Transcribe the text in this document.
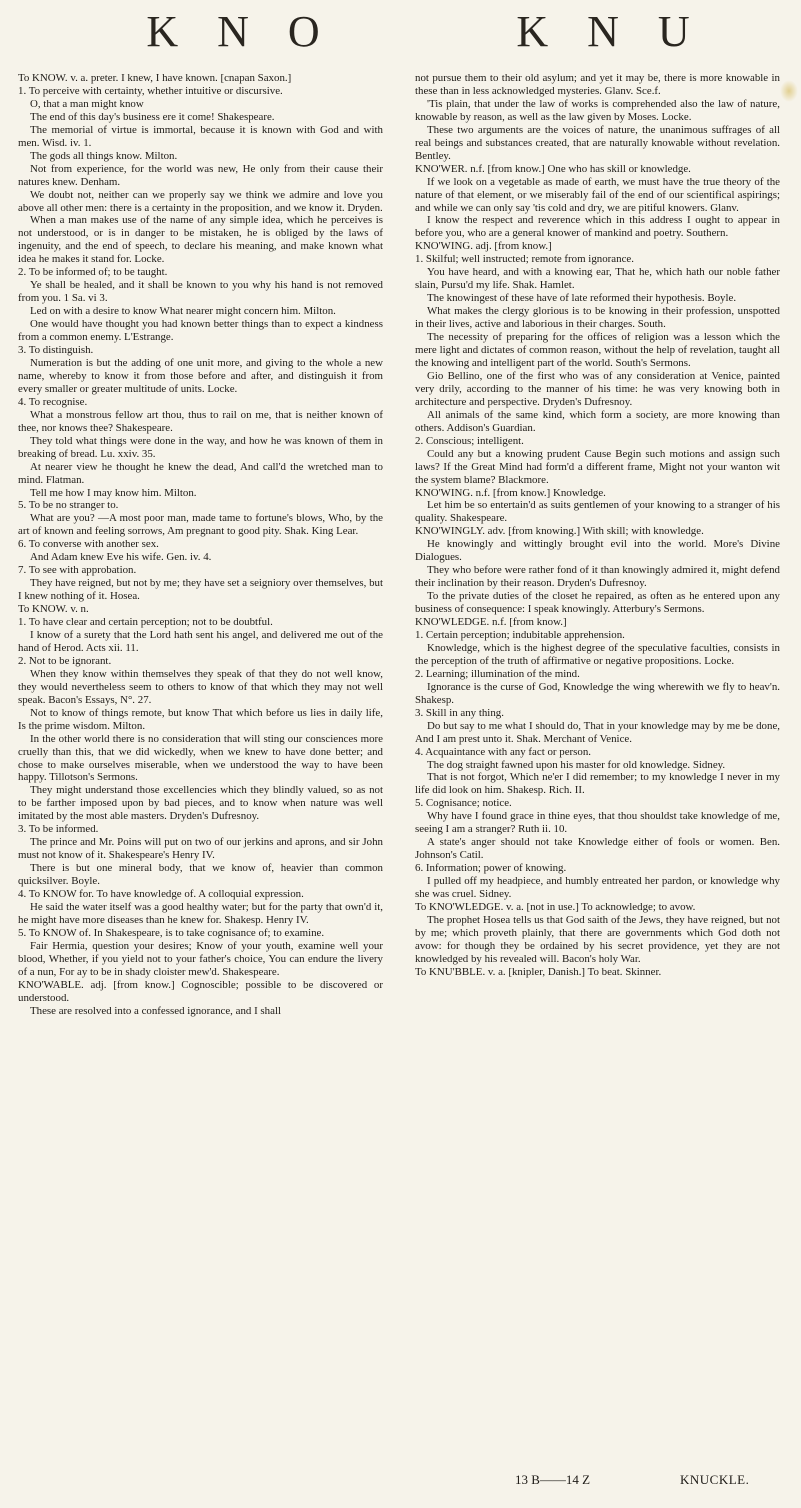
K N O	K N U

To KNOW. v. a. preter. I knew, I have known. [cnapan Saxon.]

1. To perceive with certainty, whether intuitive or discursive.

O, that a man might know

The end of this day's business ere it come! Shakespeare.

The memorial of virtue is immortal, because it is known with God and with men. Wisd. iv. 1.

The gods all things know. Milton.

Not from experience, for the world was new, He only from their cause their natures knew. Denham.

We doubt not, neither can we properly say we think we admire and love you above all other men: there is a certainty in the proposition, and we know it. Dryden.

When a man makes use of the name of any simple idea, which he perceives is not understood, or is in danger to be mistaken, he is obliged by the laws of ingenuity, and the end of speech, to declare his meaning, and make known what idea he makes it stand for. Locke.

2. To be informed of; to be taught.

Ye shall be healed, and it shall be known to you why his hand is not removed from you. 1 Sa. vi 3.

Led on with a desire to know What nearer might concern him. Milton.

One would have thought you had known better things than to expect a kindness from a common enemy. L'Estrange.

3. To distinguish.

Numeration is but the adding of one unit more, and giving to the whole a new name, whereby to know it from those before and after, and distinguish it from every smaller or greater multitude of units. Locke.

4. To recognise.

What a monstrous fellow art thou, thus to rail on me, that is neither known of thee, nor knows thee? Shakespeare.

They told what things were done in the way, and how he was known of them in breaking of bread. Lu. xxiv. 35.

At nearer view he thought he knew the dead, And call'd the wretched man to mind. Flatman.

Tell me how I may know him. Milton.

5. To be no stranger to.

What are you? —A most poor man, made tame to fortune's blows, Who, by the art of known and feeling sorrows, Am pregnant to good pity. Shak. King Lear.

6. To converse with another sex.

And Adam knew Eve his wife. Gen. iv. 4.

7. To see with approbation.

They have reigned, but not by me; they have set a seigniory over themselves, but I knew nothing of it. Hosea.

To KNOW. v. n.

1. To have clear and certain perception; not to be doubtful.

I know of a surety that the Lord hath sent his angel, and delivered me out of the hand of Herod. Acts xii. 11.

2. Not to be ignorant.

When they know within themselves they speak of that they do not well know, they would nevertheless seem to others to know of that which they may not well speak. Bacon's Essays, N°. 27.

Not to know of things remote, but know That which before us lies in daily life, Is the prime wisdom. Milton.

In the other world there is no consideration that will sting our consciences more cruelly than this, that we did wickedly, when we knew to have done better; and chose to make ourselves miserable, when we understood the way to have been happy. Tillotson's Sermons.

They might understand those excellencies which they blindly valued, so as not to be farther imposed upon by bad pieces, and to know when nature was well imitated by the most able masters. Dryden's Dufresnoy.

3. To be informed.

The prince and Mr. Poins will put on two of our jerkins and aprons, and sir John must not know of it. Shakespeare's Henry IV.

There is but one mineral body, that we know of, heavier than common quicksilver. Boyle.

4. To KNOW for. To have knowledge of. A colloquial expression.

He said the water itself was a good healthy water; but for the party that own'd it, he might have more diseases than he knew for. Shakesp. Henry IV.

5. To KNOW of. In Shakespeare, is to take cognisance of; to examine.

Fair Hermia, question your desires; Know of your youth, examine well your blood, Whether, if you yield not to your father's choice, You can endure the livery of a nun, For ay to be in shady cloister mew'd. Shakespeare.

KNO'WABLE. adj. [from know.] Cognoscible; possible to be discovered or understood.

These are resolved into a confessed ignorance, and I shall

not pursue them to their old asylum; and yet it may be, there is more knowable in these than in less acknowledged mysteries. Glanv. Sce.f.

'Tis plain, that under the law of works is comprehended also the law of nature, knowable by reason, as well as the law given by Moses. Locke.

These two arguments are the voices of nature, the unanimous suffrages of all real beings and substances created, that are naturally knowable without revelation. Bentley.

KNO'WER. n.f. [from know.] One who has skill or knowledge.

If we look on a vegetable as made of earth, we must have the true theory of the nature of that element, or we miserably fail of the end of our scientifical aspirings; and while we can only say 'tis cold and dry, we are pitiful knowers. Glanv.

I know the respect and reverence which in this address I ought to appear in before you, who are a general knower of mankind and poetry. Southern.

KNO'WING. adj. [from know.]

1. Skilful; well instructed; remote from ignorance.

You have heard, and with a knowing ear, That he, which hath our noble father slain, Pursu'd my life. Shak. Hamlet.

The knowingest of these have of late reformed their hypothesis. Boyle.

What makes the clergy glorious is to be knowing in their profession, unspotted in their lives, active and laborious in their charges. South.

The necessity of preparing for the offices of religion was a lesson which the mere light and dictates of common reason, without the help of revelation, taught all the knowing and intelligent part of the world. South's Sermons.

Gio Bellino, one of the first who was of any consideration at Venice, painted very drily, according to the manner of his time: he was very knowing both in architecture and perspective. Dryden's Dufresnoy.

All animals of the same kind, which form a society, are more knowing than others. Addison's Guardian.

2. Conscious; intelligent.

Could any but a knowing prudent Cause Begin such motions and assign such laws? If the Great Mind had form'd a different frame, Might not your wanton wit the system blame? Blackmore.

KNO'WING. n.f. [from know.] Knowledge.

Let him be so entertain'd as suits gentlemen of your knowing to a stranger of his quality. Shakespeare.

KNO'WINGLY. adv. [from knowing.] With skill; with knowledge.

He knowingly and wittingly brought evil into the world. More's Divine Dialogues.

They who before were rather fond of it than knowingly admired it, might defend their inclination by their reason. Dryden's Dufresnoy.

To the private duties of the closet he repaired, as often as he entered upon any business of consequence: I speak knowingly. Atterbury's Sermons.

KNO'WLEDGE. n.f. [from know.]

1. Certain perception; indubitable apprehension.

Knowledge, which is the highest degree of the speculative faculties, consists in the perception of the truth of affirmative or negative propositions. Locke.

2. Learning; illumination of the mind.

Ignorance is the curse of God, Knowledge the wing wherewith we fly to heav'n. Shakesp.

3. Skill in any thing.

Do but say to me what I should do, That in your knowledge may by me be done, And I am prest unto it. Shak. Merchant of Venice.

4. Acquaintance with any fact or person.

The dog straight fawned upon his master for old knowledge. Sidney.

That is not forgot, Which ne'er I did remember; to my knowledge I never in my life did look on him. Shakesp. Rich. II.

5. Cognisance; notice.

Why have I found grace in thine eyes, that thou shouldst take knowledge of me, seeing I am a stranger? Ruth ii. 10.

A state's anger should not take Knowledge either of fools or women. Ben. Johnson's Catil.

6. Information; power of knowing.

I pulled off my headpiece, and humbly entreated her pardon, or knowledge why she was cruel. Sidney.

To KNO'WLEDGE. v. a. [not in use.] To acknowledge; to avow.

The prophet Hosea tells us that God saith of the Jews, they have reigned, but not by me; which proveth plainly, that there are governments which God doth not avow: for though they be ordained by his secret providence, yet they are not knowledged by his revealed will. Bacon's holy War.

To KNU'BBLE. v. a. [knipler, Danish.] To beat. Skinner.

13 B——14 Z	KNUCKLE.
